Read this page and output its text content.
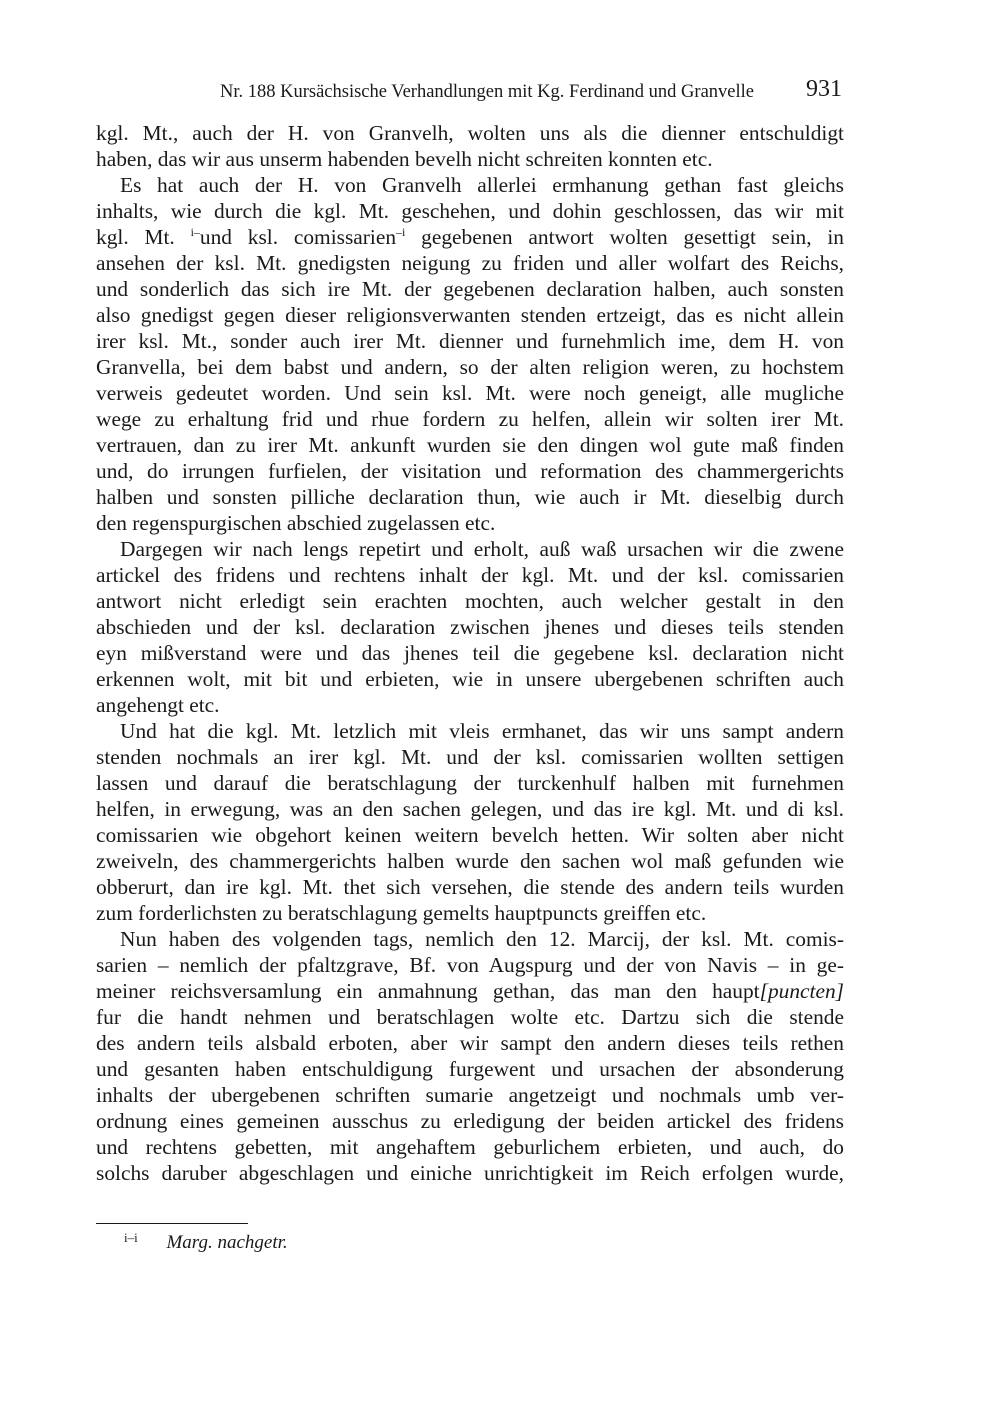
Nr. 188 Kursächsische Verhandlungen mit Kg. Ferdinand und Granvelle 931
kgl. Mt., auch der H. von Granvelh, wolten uns als die dienner entschuldigt
haben, das wir aus unserm habenden bevelh nicht schreiten konnten etc.
Es hat auch der H. von Granvelh allerlei ermhanung gethan fast gleichs
inhalts, wie durch die kgl. Mt. geschehen, und dohin geschlossen, das wir mit
kgl. Mt. $^{i-}$und ksl. comissarien$^{-i}$ gegebenen antwort wolten gesettigt sein, in
ansehen der ksl. Mt. gnedigsten neigung zu friden und aller wolfart des Reichs,
und sonderlich das sich ire Mt. der gegebenen declaration halben, auch sonsten
also gnedigst gegen dieser religionsverwanten stenden ertzeigt, das es nicht allein
irer ksl. Mt., sonder auch irer Mt. dienner und furnehmlich ime, dem H. von
Granvella, bei dem babst und andern, so der alten religion weren, zu hochstem
verweis gedeutet worden. Und sein ksl. Mt. were noch geneigt, alle mugliche
wege zu erhaltung frid und rhue fordern zu helfen, allein wir solten irer Mt.
vertrauen, dan zu irer Mt. ankunft wurden sie den dingen wol gute maß finden
und, do irrungen furfielen, der visitation und reformation des chammergerichts
halben und sonsten pilliche declaration thun, wie auch ir Mt. dieselbig durch
den regenspurgischen abschied zugelassen etc.
Dargegen wir nach lengs repetirt und erholt, auß waß ursachen wir die zwene
artickel des fridens und rechtens inhalt der kgl. Mt. und der ksl. comissarien
antwort nicht erledigt sein erachten mochten, auch welcher gestalt in den
abschieden und der ksl. declaration zwischen jhenes und dieses teils stenden
eyn mißverstand were und das jhenes teil die gegebene ksl. declaration nicht
erkennen wolt, mit bit und erbieten, wie in unsere ubergebenen schriften auch
angehengt etc.
Und hat die kgl. Mt. letzlich mit vleis ermhanet, das wir uns sampt andern
stenden nochmals an irer kgl. Mt. und der ksl. comissarien wollten settigen
lassen und darauf die beratschlagung der turckenhulf halben mit furnehmen
helfen, in erwegung, was an den sachen gelegen, und das ire kgl. Mt. und di ksl.
comissarien wie obgehort keinen weitern bevelch hetten. Wir solten aber nicht
zweiveln, des chammergerichts halben wurde den sachen wol maß gefunden wie
obberurt, dan ire kgl. Mt. thet sich versehen, die stende des andern teils wurden
zum forderlichsten zu beratschlagung gemelts hauptpuncts greiffen etc.
Nun haben des volgenden tags, nemlich den 12. Marcij, der ksl. Mt. comis-
sarien – nemlich der pfaltzgrave, Bf. von Augspurg und der von Navis – in ge-
meiner reichsversamlung ein anmahnung gethan, das man den haupt[puncten]
fur die handt nehmen und beratschlagen wolte etc. Dartzu sich die stende
des andern teils alsbald erboten, aber wir sampt den andern dieses teils rethen
und gesanten haben entschuldigung furgewent und ursachen der absonderung
inhalts der ubergebenen schriften sumarie angetzeigt und nochmals umb ver-
ordnung eines gemeinen ausschus zu erledigung der beiden artickel des fridens
und rechtens gebetten, mit angehaftem geburlichem erbieten, und auch, do
solchs daruber abgeschlagen und einiche unrichtigkeit im Reich erfolgen wurde,
$^{i-i}$ Marg. nachgetr.
